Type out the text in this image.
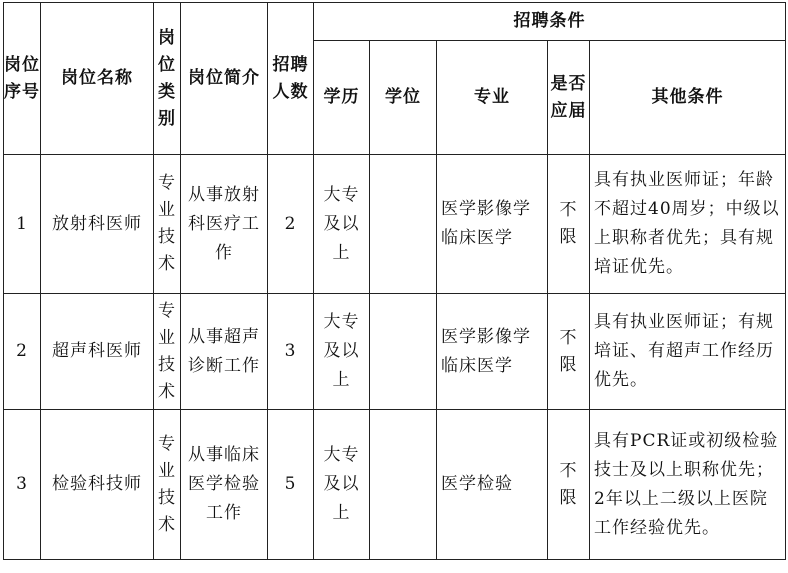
岗位序号	岗位名称	岗位类别	岗位简介	招聘人数	招聘条件				
					学历	学位	专业	是否应届	其他条件
1	放射科医师	专业技术	从事放射科医疗工作	2	大专及以上		医学影像学临床医学	不限	具有执业医师证；年龄不超过40周岁；中级以上职称者优先；具有规培证优先。
2	超声科医师	专业技术	从事超声诊断工作	3	大专及以上		医学影像学临床医学	不限	具有执业医师证；有规培证、有超声工作经历优先。
3	检验科技师	专业技术	从事临床医学检验工作	5	大专及以上		医学检验	不限	具有PCR证或初级检验技士及以上职称优先；2年以上二级以上医院工作经验优先。
